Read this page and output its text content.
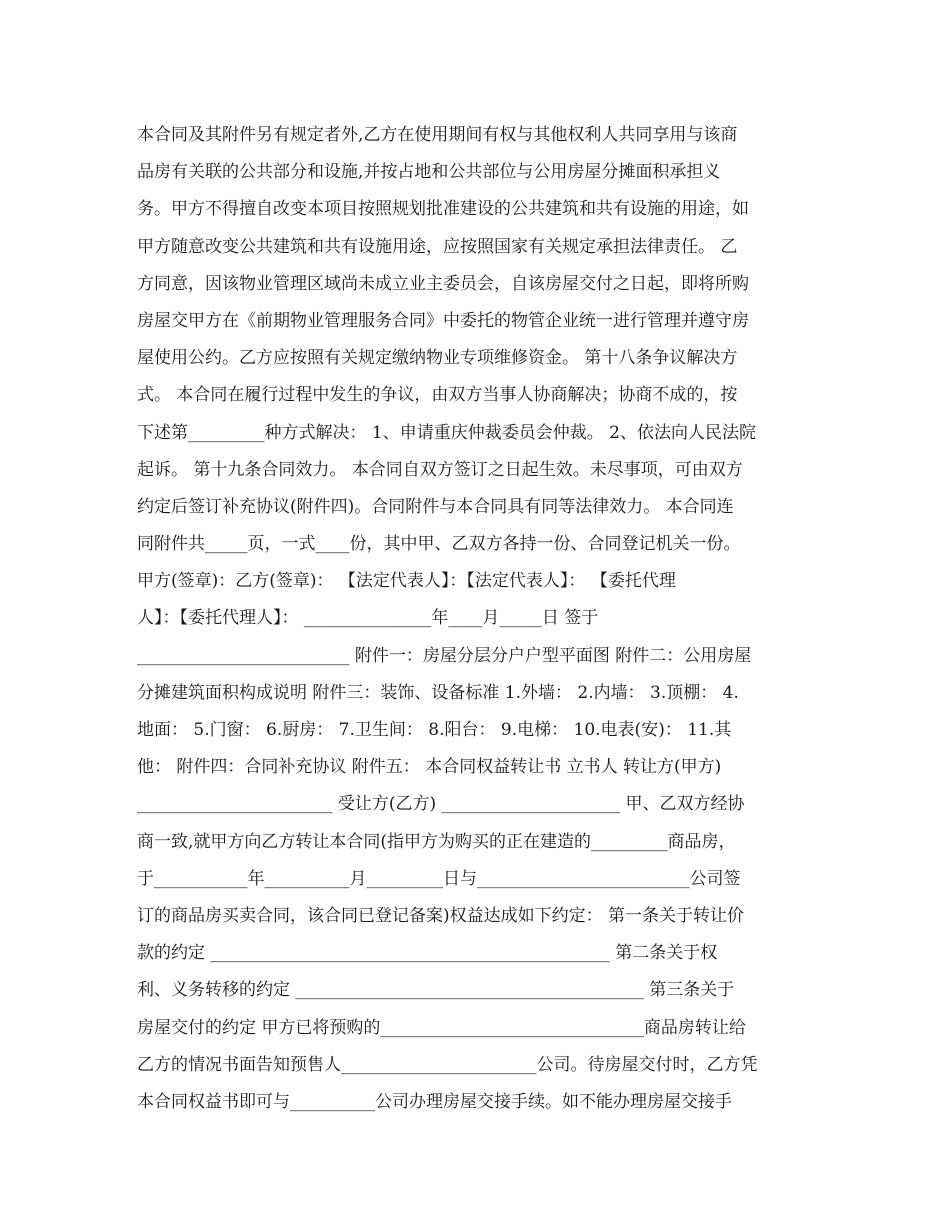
本合同及其附件另有规定者外,乙方在使用期间有权与其他权利人共同享用与该商
品房有关联的公共部分和设施,并按占地和公共部位与公用房屋分摊面积承担义
务。甲方不得擅自改变本项目按照规划批准建设的公共建筑和共有设施的用途，如
甲方随意改变公共建筑和共有设施用途，应按照国家有关规定承担法律责任。 乙
方同意，因该物业管理区域尚未成立业主委员会，自该房屋交付之日起，即将所购
房屋交甲方在《前期物业管理服务合同》中委托的物管企业统一进行管理并遵守房
屋使用公约。乙方应按照有关规定缴纳物业专项维修资金。 第十八条争议解决方
式。 本合同在履行过程中发生的争议，由双方当事人协商解决；协商不成的，按
下述第_________种方式解决： 1、申请重庆仲裁委员会仲裁。 2、依法向人民法院
起诉。 第十九条合同效力。 本合同自双方签订之日起生效。未尽事项，可由双方
约定后签订补充协议(附件四)。合同附件与本合同具有同等法律效力。 本合同连
同附件共_____页，一式____份，其中甲、乙双方各持一份、合同登记机关一份。
甲方(签章)：乙方(签章)： 【法定代表人】：【法定代表人】： 【委托代理
人】：【委托代理人】： _______________年____月_____日 签于
_________________________ 附件一：房屋分层分户户型平面图 附件二：公用房屋
分摊建筑面积构成说明 附件三：装饰、设备标准 1.外墙： 2.内墙： 3.顶棚： 4.
地面： 5.门窗： 6.厨房： 7.卫生间： 8.阳台： 9.电梯： 10.电表(安)： 11.其
他： 附件四：合同补充协议 附件五： 本合同权益转让书 立书人 转让方(甲方)
_______________________ 受让方(乙方) _____________________ 甲、乙双方经协
商一致,就甲方向乙方转让本合同(指甲方为购买的正在建造的_________商品房，
于___________年__________月_________日与_________________________公司签
订的商品房买卖合同，该合同已登记备案)权益达成如下约定： 第一条关于转让价
款的约定 _______________________________________________ 第二条关于权
利、义务转移的约定 _________________________________________ 第三条关于
房屋交付的约定 甲方已将预购的_______________________________商品房转让给
乙方的情况书面告知预售人_______________________公司。待房屋交付时，乙方凭
本合同权益书即可与__________公司办理房屋交接手续。如不能办理房屋交接手
